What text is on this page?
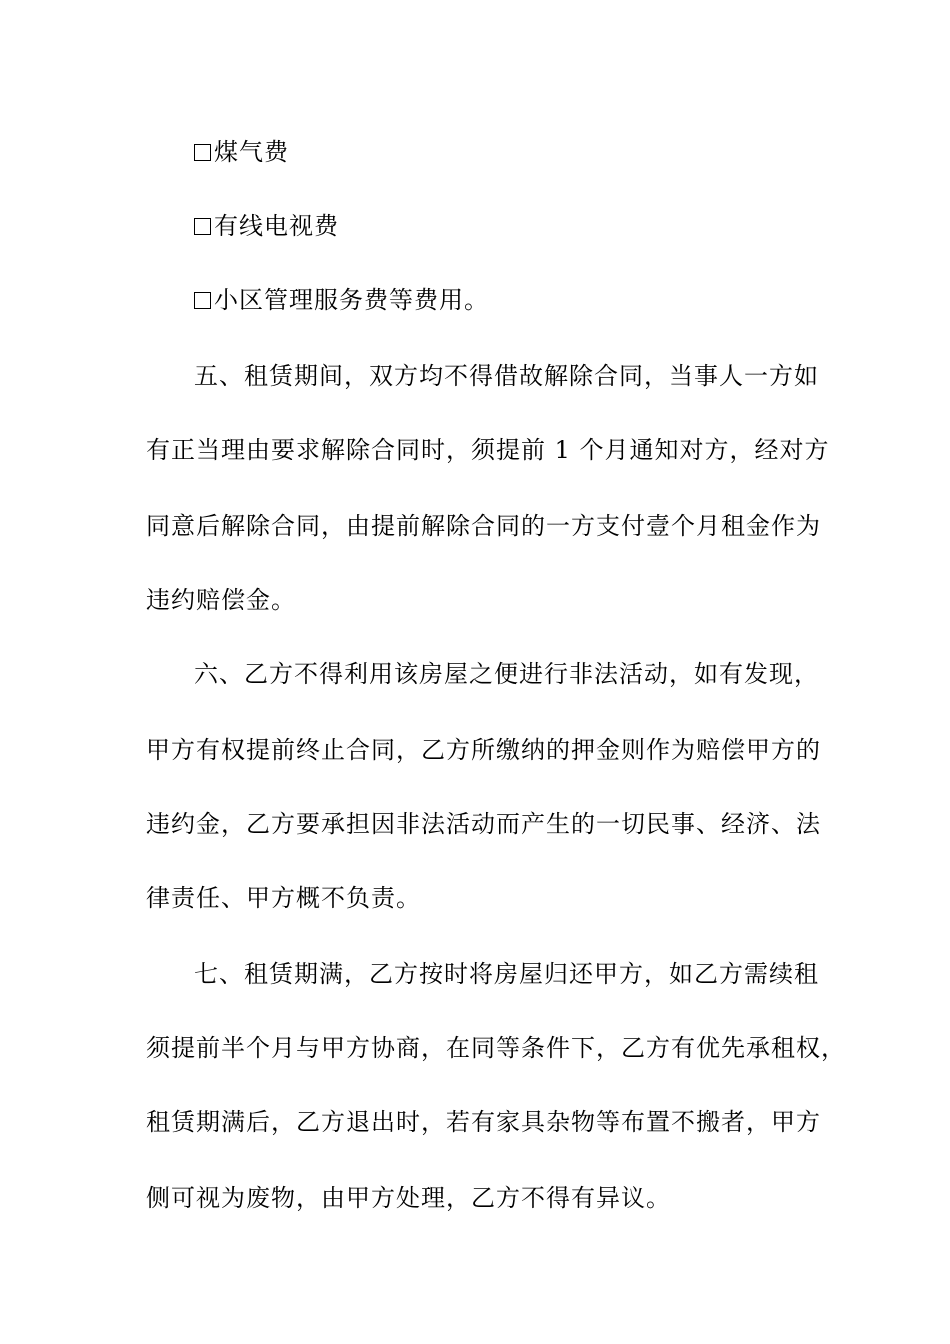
煤气费
有线电视费
小区管理服务费等费用。
五、租赁期间，双方均不得借故解除合同，当事人一方如
有正当理由要求解除合同时，须提前 1 个月通知对方，经对方
同意后解除合同，由提前解除合同的一方支付壹个月租金作为
违约赔偿金。
六、乙方不得利用该房屋之便进行非法活动，如有发现，
甲方有权提前终止合同，乙方所缴纳的押金则作为赔偿甲方的
违约金，乙方要承担因非法活动而产生的一切民事、经济、法
律责任、甲方概不负责。
七、租赁期满，乙方按时将房屋归还甲方，如乙方需续租
须提前半个月与甲方协商，在同等条件下，乙方有优先承租权，
租赁期满后，乙方退出时，若有家具杂物等布置不搬者，甲方
侧可视为废物，由甲方处理，乙方不得有异议。
